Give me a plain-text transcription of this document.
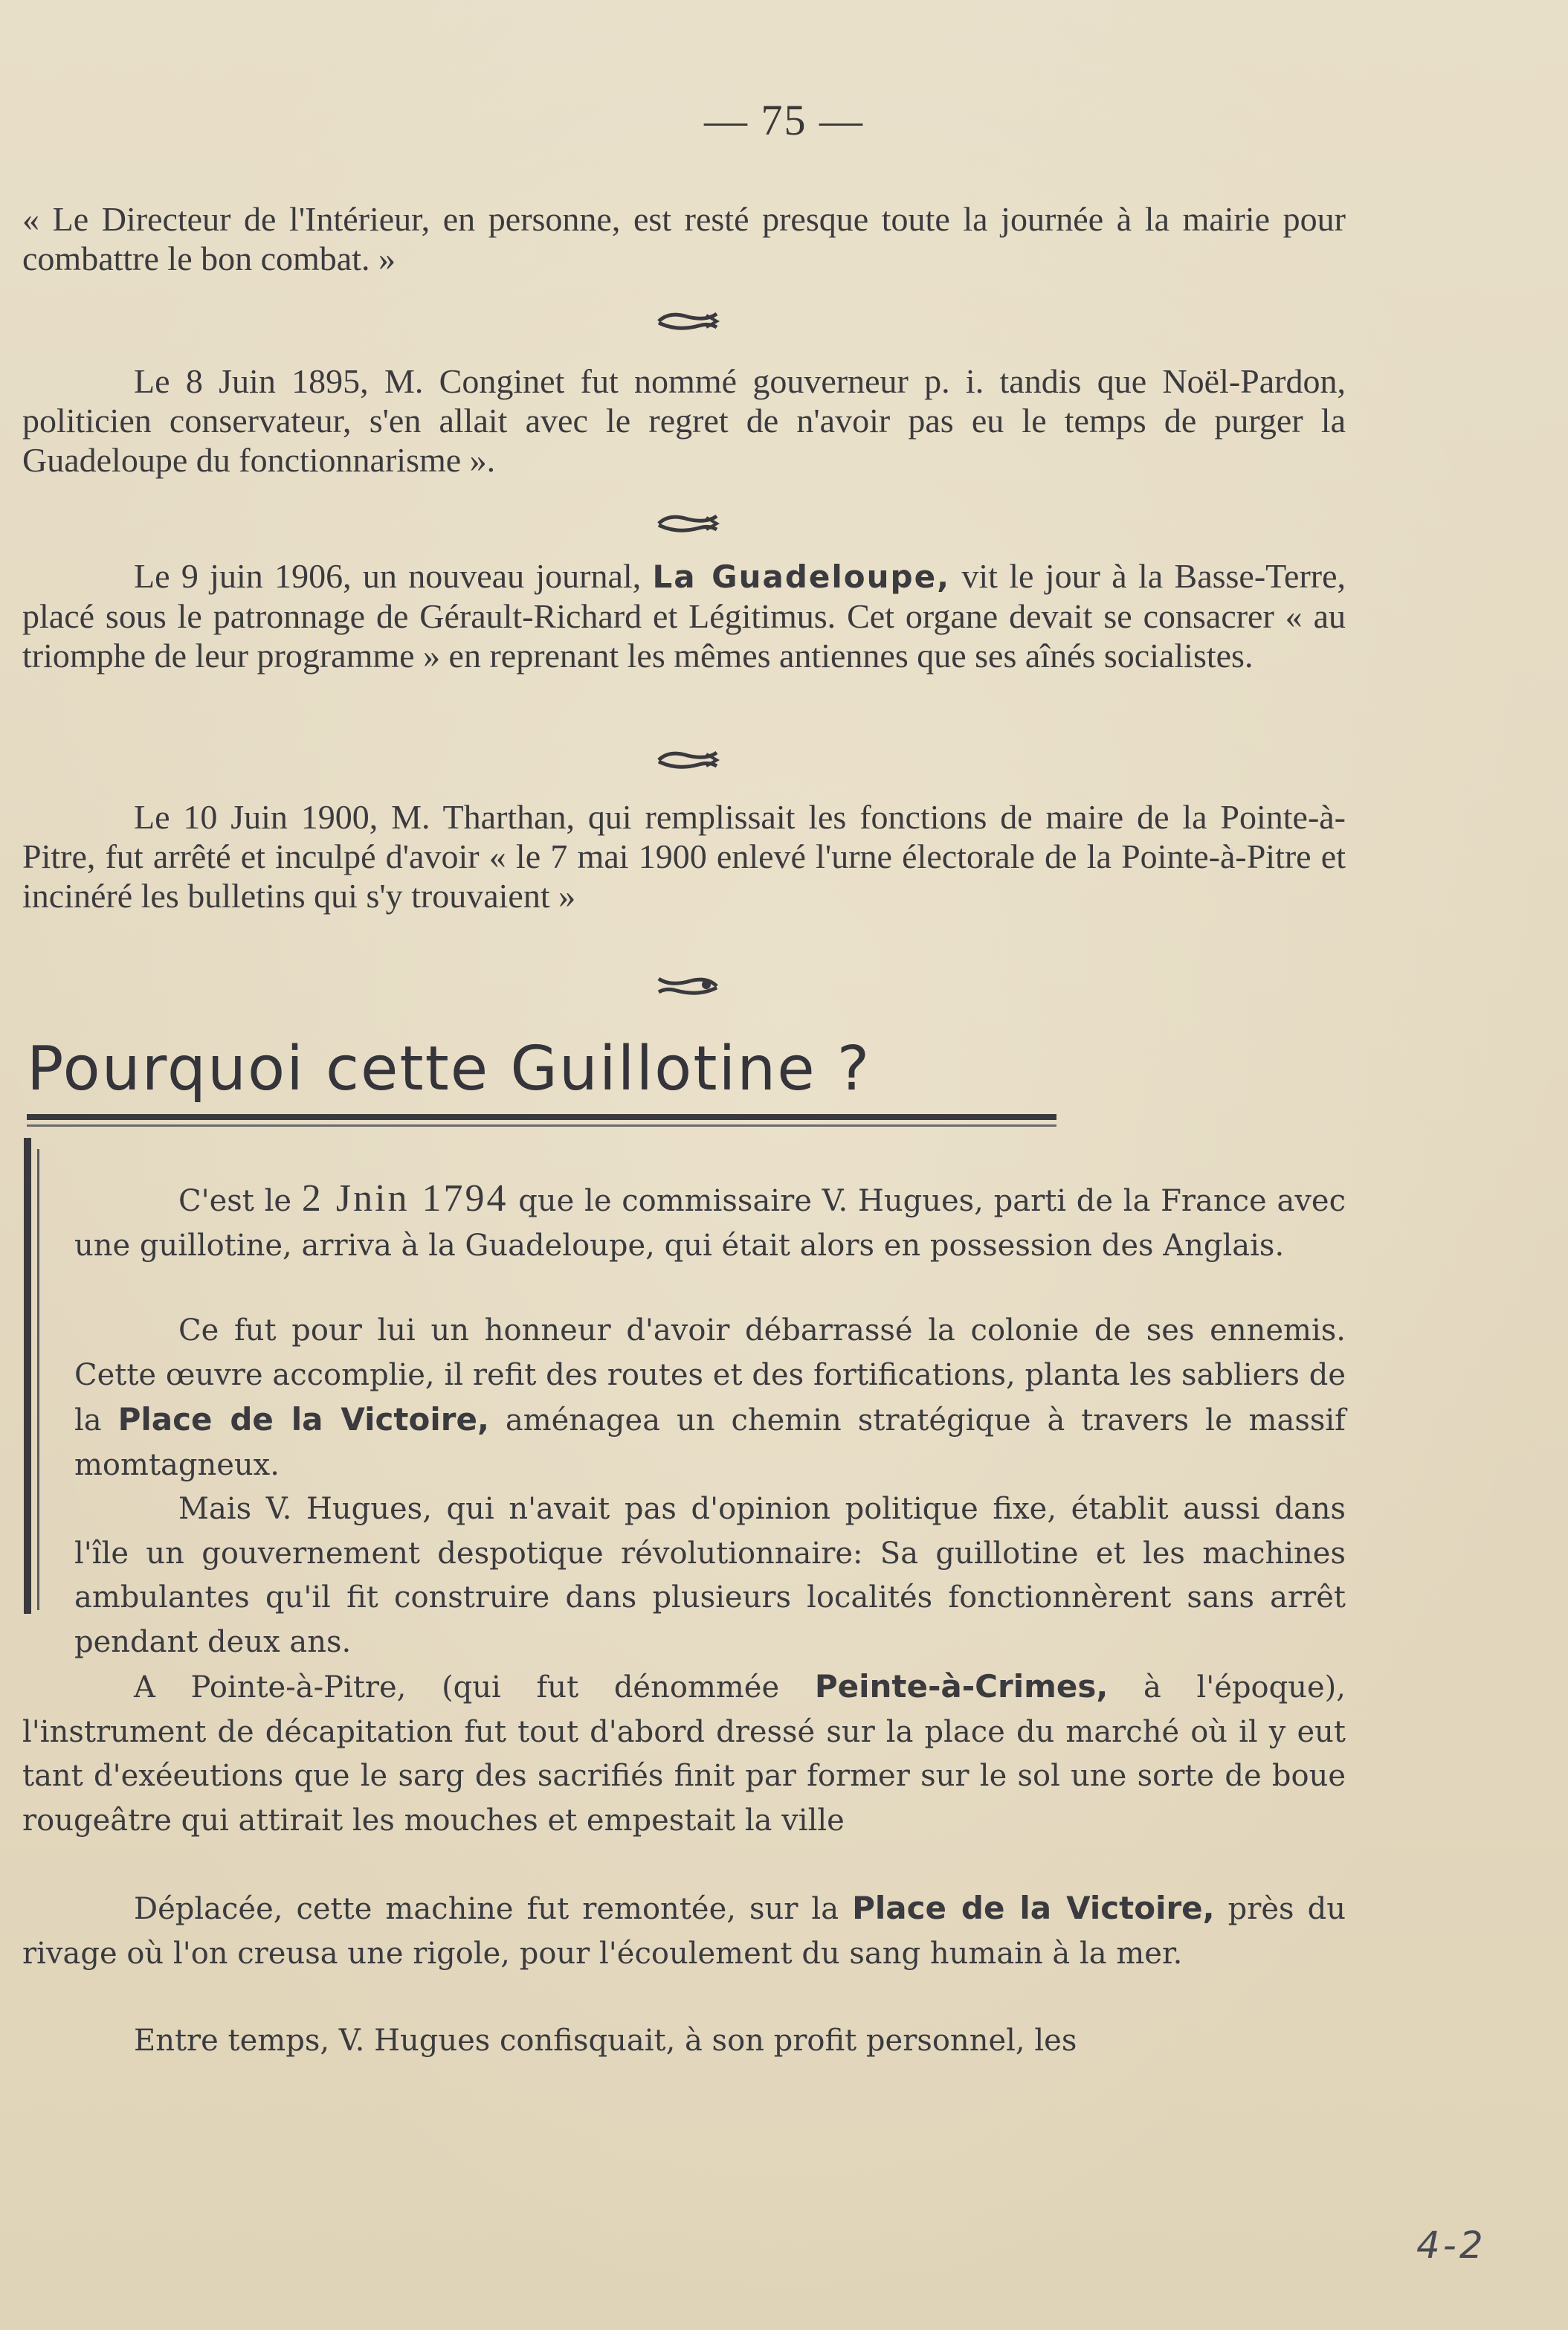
— 75 —

« Le Directeur de l'Intérieur, en personne, est resté presque toute la journée à la mairie pour combattre le bon combat. »

Le 8 Juin 1895, M. Conginet fut nommé gouverneur p. i. tandis que Noël-Pardon, politicien conservateur, s'en allait avec le regret de n'avoir pas eu le temps de purger la Guadeloupe du fonctionnarisme ».

Le 9 juin 1906, un nouveau journal, La Guadeloupe, vit le jour à la Basse-Terre, placé sous le patronnage de Gérault-Richard et Légitimus. Cet organe devait se consacrer « au triomphe de leur programme » en reprenant les mêmes antiennes que ses aînés socialistes.

Le 10 Juin 1900, M. Tharthan, qui remplissait les fonctions de maire de la Pointe-à-Pitre, fut arrêté et inculpé d'avoir « le 7 mai 1900 enlevé l'urne électorale de la Pointe-à-Pitre et incinéré les bulletins qui s'y trouvaient »

Pourquoi cette Guillotine ?

C'est le 2 Jnin 1794 que le commissaire V. Hugues, parti de la France avec une guillotine, arriva à la Guadeloupe, qui était alors en possession des Anglais.

Ce fut pour lui un honneur d'avoir débarrassé la colonie de ses ennemis. Cette œuvre accomplie, il refit des routes et des fortifications, planta les sabliers de la Place de la Victoire, aménagea un chemin stratégique à travers le massif momtagneux.

Mais V. Hugues, qui n'avait pas d'opinion politique fixe, établit aussi dans l'île un gouvernement despotique révolutionnaire: Sa guillotine et les machines ambulantes qu'il fit construire dans plusieurs localités fonctionnèrent sans arrêt pendant deux ans.

A Pointe-à-Pitre, (qui fut dénommée Peinte-à-Crimes, à l'époque), l'instrument de décapitation fut tout d'abord dressé sur la place du marché où il y eut tant d'exéeutions que le sarg des sacrifiés finit par former sur le sol une sorte de boue rougeâtre qui attirait les mouches et empestait la ville

Déplacée, cette machine fut remontée, sur la Place de la Victoire, près du rivage où l'on creusa une rigole, pour l'écoulement du sang humain à la mer.

Entre temps, V. Hugues confisquait, à son profit personnel, les

4-2
